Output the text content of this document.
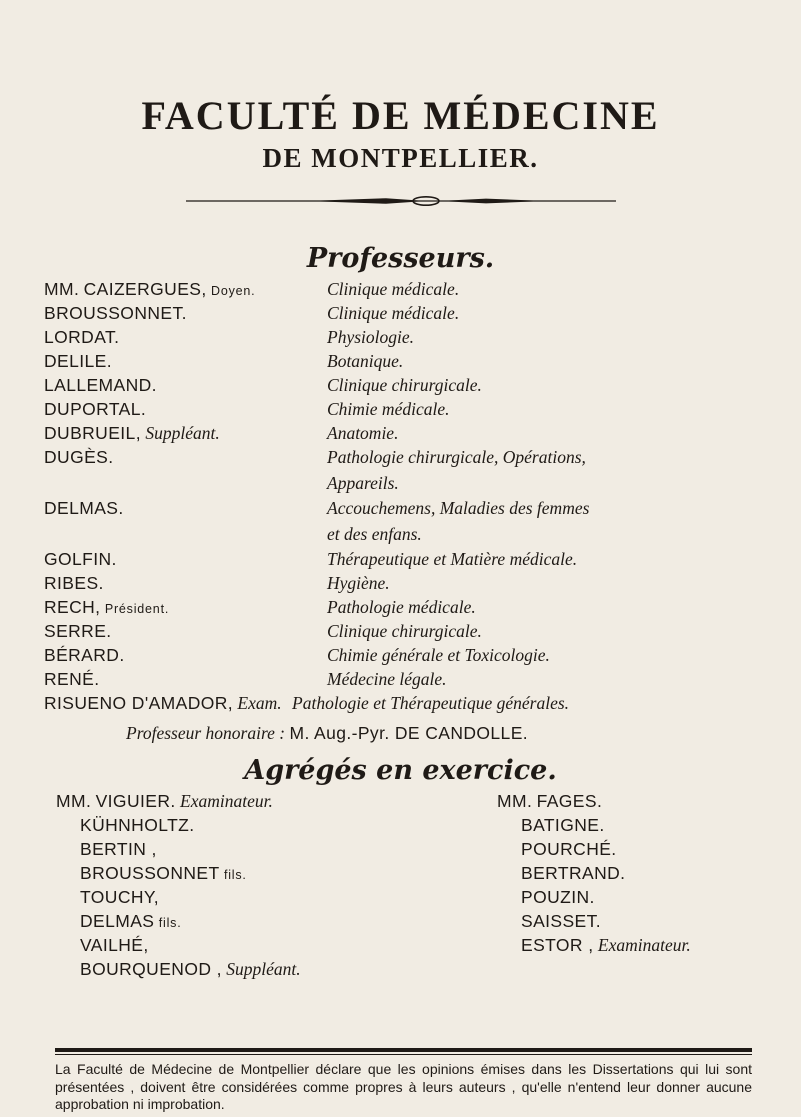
FACULTÉ DE MÉDECINE
DE MONTPELLIER.
Professeurs.
MM. CAIZERGUES, Doyen.	Clinique médicale.
BROUSSONNET.	Clinique médicale.
LORDAT.	Physiologie.
DELILE.	Botanique.
LALLEMAND.	Clinique chirurgicale.
DUPORTAL.	Chimie médicale.
DUBRUEIL, Suppléant.	Anatomie.
DUGÈS.	Pathologie chirurgicale, Opérations,
Appareils.
DELMAS.	Accouchemens, Maladies des femmes
et des enfans.
GOLFIN.	Thérapeutique et Matière médicale.
RIBES.	Hygiène.
RECH, Président.	Pathologie médicale.
SERRE.	Clinique chirurgicale.
BÉRARD.	Chimie générale et Toxicologie.
RENÉ.	Médecine légale.
RISUENO D'AMADOR, Exam. Pathologie et Thérapeutique générales.
Professeur honoraire : M. Aug.-Pyr. DE CANDOLLE.
Agrégés en exercice.
MM. VIGUIER. Examinateur.
KÜHNHOLTZ.
BERTIN ,
BROUSSONNET fils.
TOUCHY,
DELMAS fils.
VAILHÉ,
BOURQUENOD , Suppléant.
MM. FAGES.
BATIGNE.
POURCHÉ.
BERTRAND.
POUZIN.
SAISSET.
ESTOR , Examinateur.
La Faculté de Médecine de Montpellier déclare que les opinions émises dans les Dissertations qui lui sont présentées , doivent être considérées comme propres à leurs auteurs , qu'elle n'entend leur donner aucune approbation ni improbation.
